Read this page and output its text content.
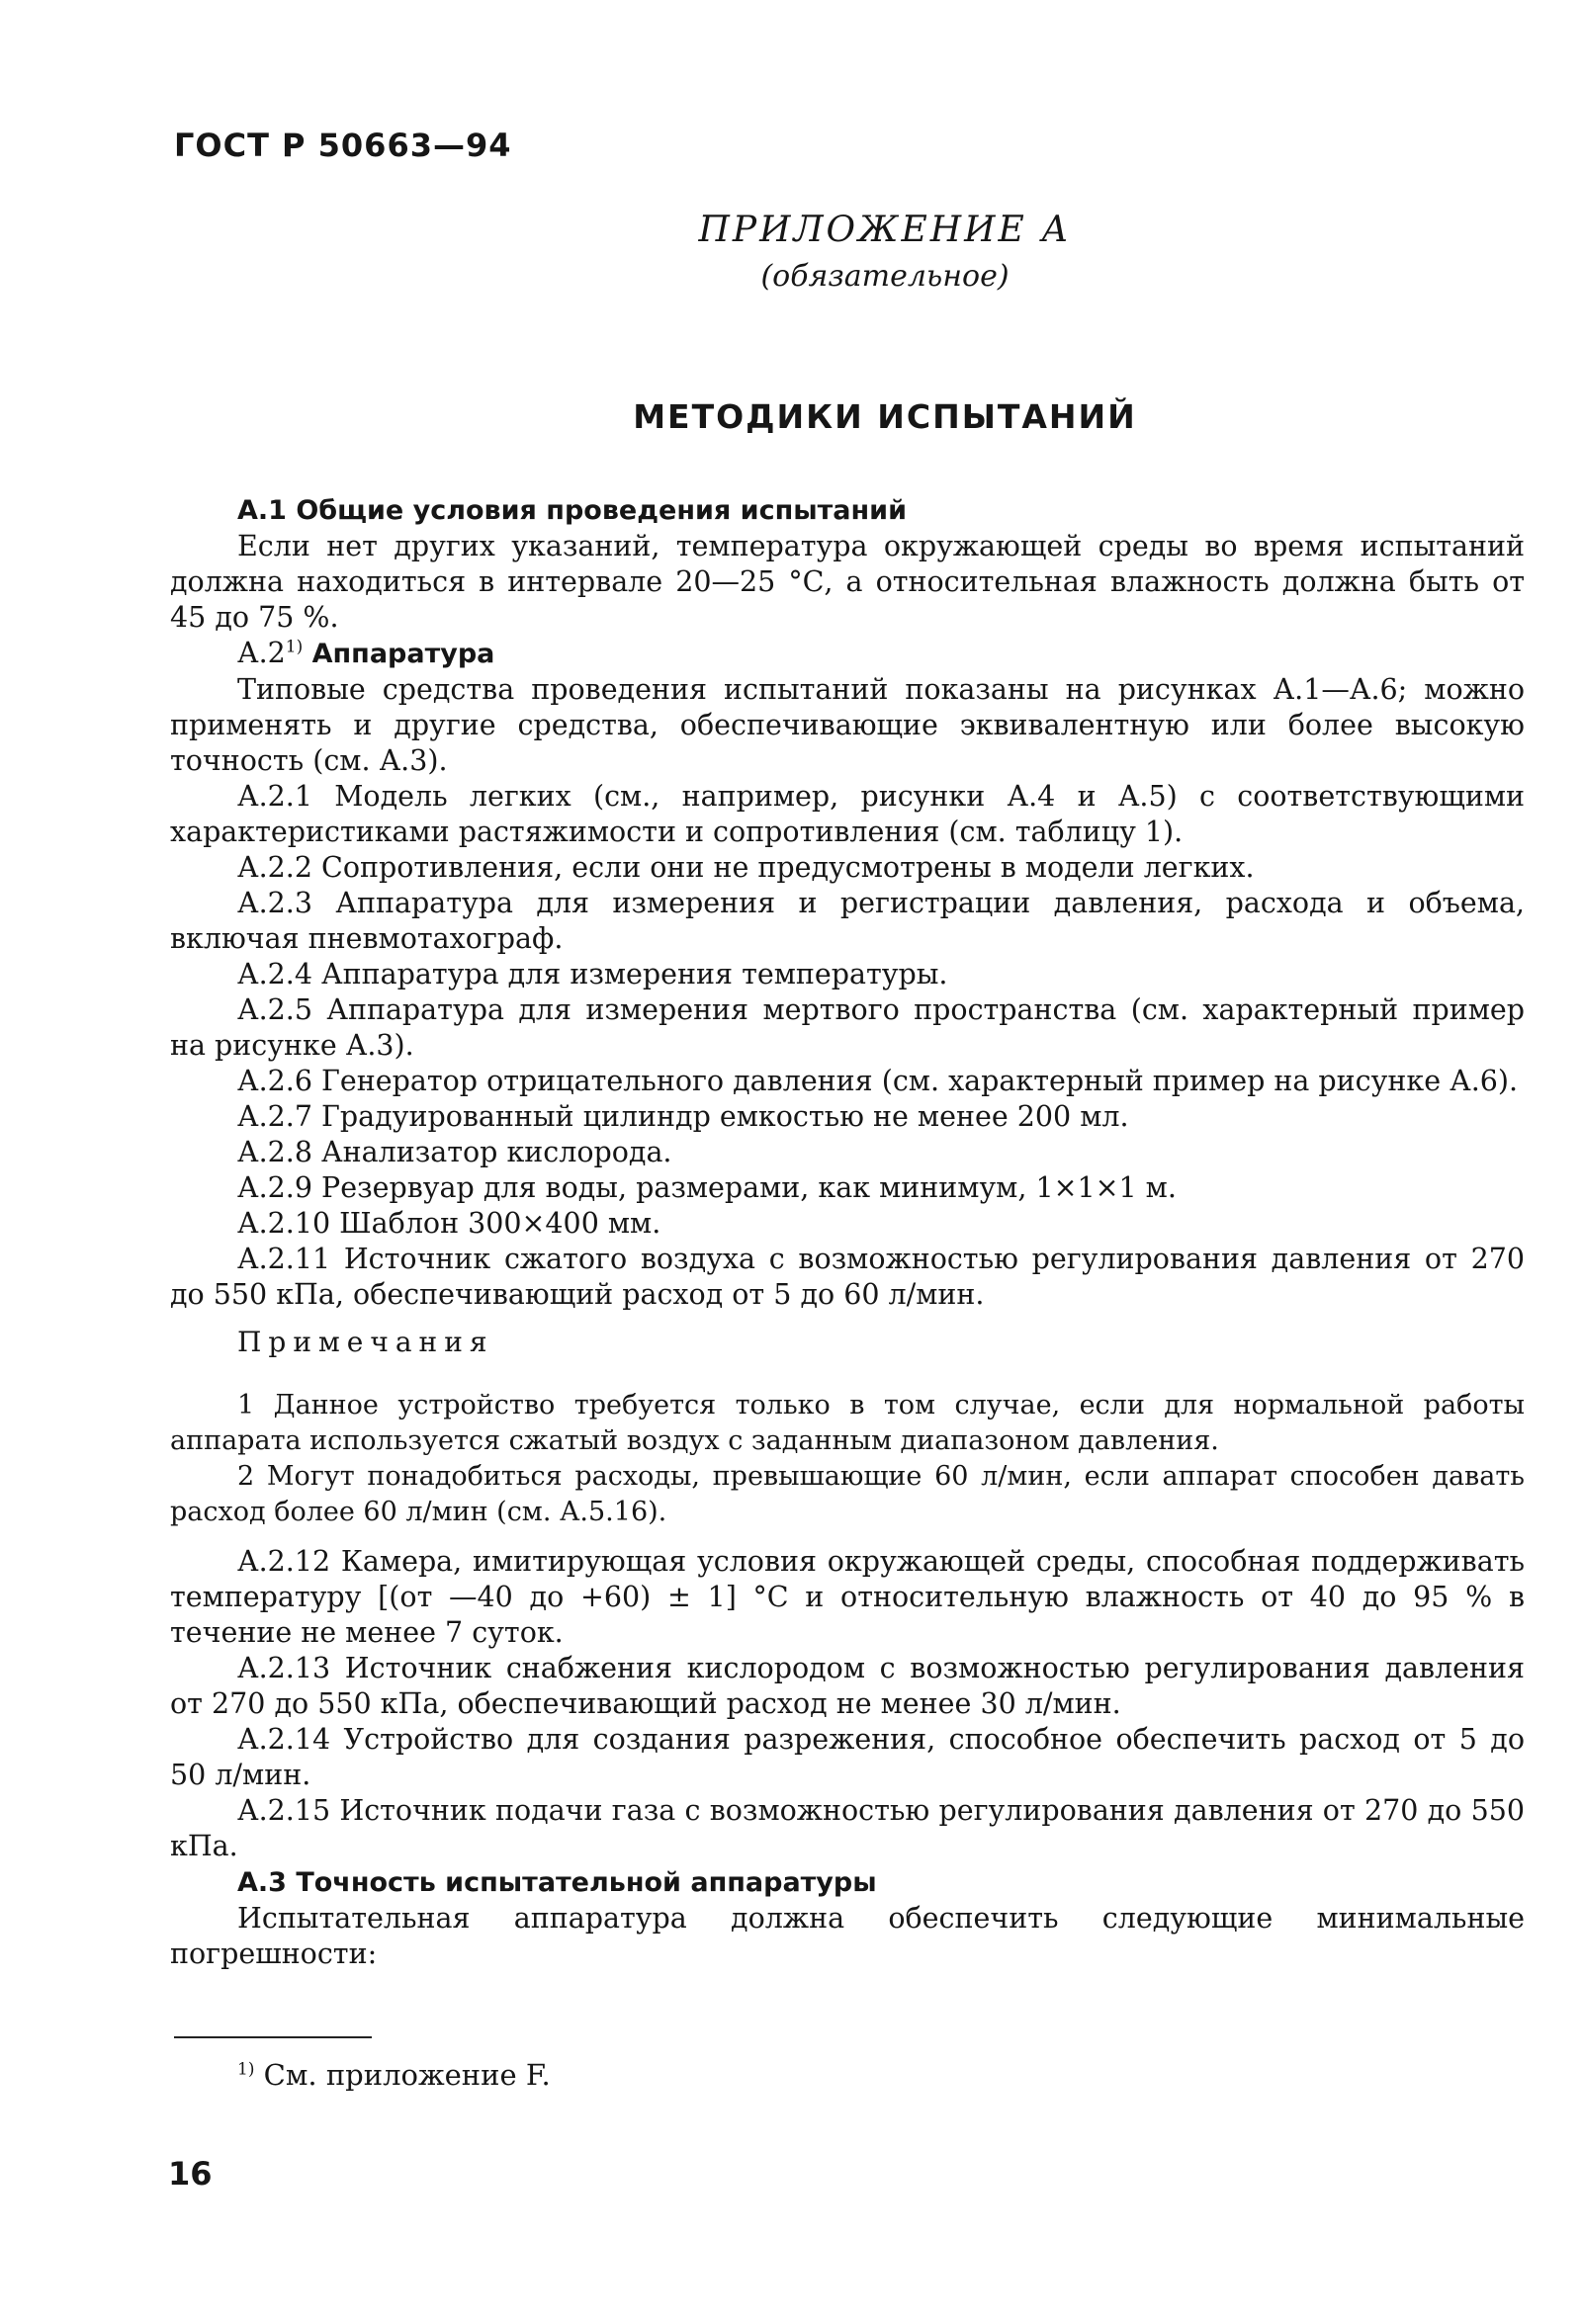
ГОСТ Р 50663—94
ПРИЛОЖЕНИЕ А
(обязательное)
МЕТОДИКИ ИСПЫТАНИЙ

А.1 Общие условия проведения испытаний

Если нет других указаний, температура окружающей среды во время испытаний должна находиться в интервале 20—25 °С, а относительная влажность должна быть от 45 до 75 %.

А.2$^{1)}$ Аппаратура

Типовые средства проведения испытаний показаны на рисунках А.1—А.6; можно применять и другие средства, обеспечивающие эквивалентную или более высокую точность (см. А.3).

А.2.1 Модель легких (см., например, рисунки А.4 и А.5) с соответствующими характеристиками растяжимости и сопротивления (см. таблицу 1).

А.2.2 Сопротивления, если они не предусмотрены в модели легких.

А.2.3 Аппаратура для измерения и регистрации давления, расхода и объема, включая пневмотахограф.

А.2.4 Аппаратура для измерения температуры.

А.2.5 Аппаратура для измерения мертвого пространства (см. характерный пример на рисунке А.3).

А.2.6 Генератор отрицательного давления (см. характерный пример на рисунке А.6).

А.2.7 Градуированный цилиндр емкостью не менее 200 мл.

А.2.8 Анализатор кислорода.

А.2.9 Резервуар для воды, размерами, как минимум, 1×1×1 м.

А.2.10 Шаблон 300×400 мм.

А.2.11 Источник сжатого воздуха с возможностью регулирования давления от 270 до 550 кПа, обеспечивающий расход от 5 до 60 л/мин.

Примечания

1 Данное устройство требуется только в том случае, если для нормальной работы аппарата используется сжатый воздух с заданным диапазоном давления.

2 Могут понадобиться расходы, превышающие 60 л/мин, если аппарат способен давать расход более 60 л/мин (см. А.5.16).

А.2.12 Камера, имитирующая условия окружающей среды, способная поддерживать температуру [(от —40 до +60) ± 1] °С и относительную влажность от 40 до 95 % в течение не менее 7 суток.

А.2.13 Источник снабжения кислородом с возможностью регулирования давления от 270 до 550 кПа, обеспечивающий расход не менее 30 л/мин.

А.2.14 Устройство для создания разрежения, способное обеспечить расход от 5 до 50 л/мин.

А.2.15 Источник подачи газа с возможностью регулирования давления от 270 до 550 кПа.

А.3 Точность испытательной аппаратуры

Испытательная аппаратура должна обеспечить следующие минимальные погрешности:

$^{1)}$ См. приложение F.
16
